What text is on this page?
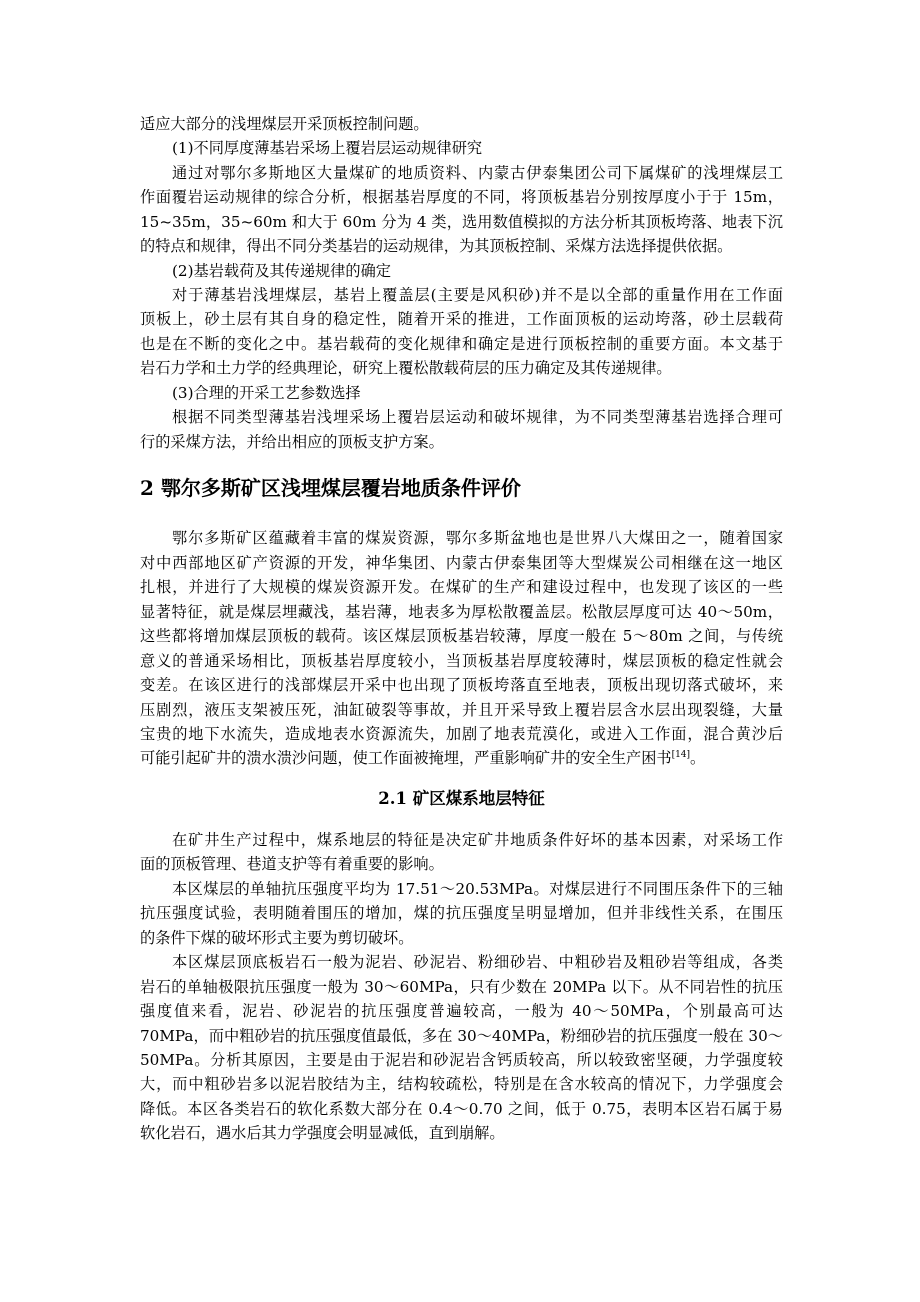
适应大部分的浅埋煤层开采顶板控制问题。
(1)不同厚度薄基岩采场上覆岩层运动规律研究
通过对鄂尔多斯地区大量煤矿的地质资料、内蒙古伊泰集团公司下属煤矿的浅埋煤层工
作面覆岩运动规律的综合分析，根据基岩厚度的不同，将顶板基岩分别按厚度小于于 15m，
15~35m，35~60m 和大于 60m 分为 4 类，选用数值模拟的方法分析其顶板垮落、地表下沉
的特点和规律，得出不同分类基岩的运动规律，为其顶板控制、采煤方法选择提供依据。
(2)基岩载荷及其传递规律的确定
对于薄基岩浅埋煤层，基岩上覆盖层(主要是风积砂)并不是以全部的重量作用在工作面
顶板上，砂土层有其自身的稳定性，随着开采的推进，工作面顶板的运动垮落，砂土层载荷
也是在不断的变化之中。基岩载荷的变化规律和确定是进行顶板控制的重要方面。本文基于
岩石力学和土力学的经典理论，研究上覆松散载荷层的压力确定及其传递规律。
(3)合理的开采工艺参数选择
根据不同类型薄基岩浅埋采场上覆岩层运动和破坏规律，为不同类型薄基岩选择合理可
行的采煤方法，并给出相应的顶板支护方案。
2 鄂尔多斯矿区浅埋煤层覆岩地质条件评价
鄂尔多斯矿区蕴藏着丰富的煤炭资源，鄂尔多斯盆地也是世界八大煤田之一，随着国家
对中西部地区矿产资源的开发，神华集团、内蒙古伊泰集团等大型煤炭公司相继在这一地区
扎根，并进行了大规模的煤炭资源开发。在煤矿的生产和建设过程中，也发现了该区的一些
显著特征，就是煤层埋藏浅，基岩薄，地表多为厚松散覆盖层。松散层厚度可达 40～50m，
这些都将增加煤层顶板的载荷。该区煤层顶板基岩较薄，厚度一般在 5～80m 之间，与传统
意义的普通采场相比，顶板基岩厚度较小，当顶板基岩厚度较薄时，煤层顶板的稳定性就会
变差。在该区进行的浅部煤层开采中也出现了顶板垮落直至地表，顶板出现切落式破坏，来
压剧烈，液压支架被压死，油缸破裂等事故，并且开采导致上覆岩层含水层出现裂缝，大量
宝贵的地下水流失，造成地表水资源流失，加剧了地表荒漠化，或进入工作面，混合黄沙后
可能引起矿井的溃水溃沙问题，使工作面被掩埋，严重影响矿井的安全生产困书[14]。
2.1 矿区煤系地层特征
在矿井生产过程中，煤系地层的特征是决定矿井地质条件好坏的基本因素，对采场工作
面的顶板管理、巷道支护等有着重要的影响。
本区煤层的单轴抗压强度平均为 17.51～20.53MPa。对煤层进行不同围压条件下的三轴
抗压强度试验，表明随着围压的增加，煤的抗压强度呈明显增加，但并非线性关系，在围压
的条件下煤的破坏形式主要为剪切破坏。
本区煤层顶底板岩石一般为泥岩、砂泥岩、粉细砂岩、中粗砂岩及粗砂岩等组成，各类
岩石的单轴极限抗压强度一般为 30～60MPa，只有少数在 20MPa 以下。从不同岩性的抗压
强度值来看，泥岩、砂泥岩的抗压强度普遍较高，一般为 40～50MPa，个别最高可达
70MPa，而中粗砂岩的抗压强度值最低，多在 30～40MPa，粉细砂岩的抗压强度一般在 30～
50MPa。分析其原因，主要是由于泥岩和砂泥岩含钙质较高，所以较致密坚硬，力学强度较
大，而中粗砂岩多以泥岩胶结为主，结构较疏松，特别是在含水较高的情况下，力学强度会
降低。本区各类岩石的软化系数大部分在 0.4～0.70 之间，低于 0.75，表明本区岩石属于易
软化岩石，遇水后其力学强度会明显减低，直到崩解。
